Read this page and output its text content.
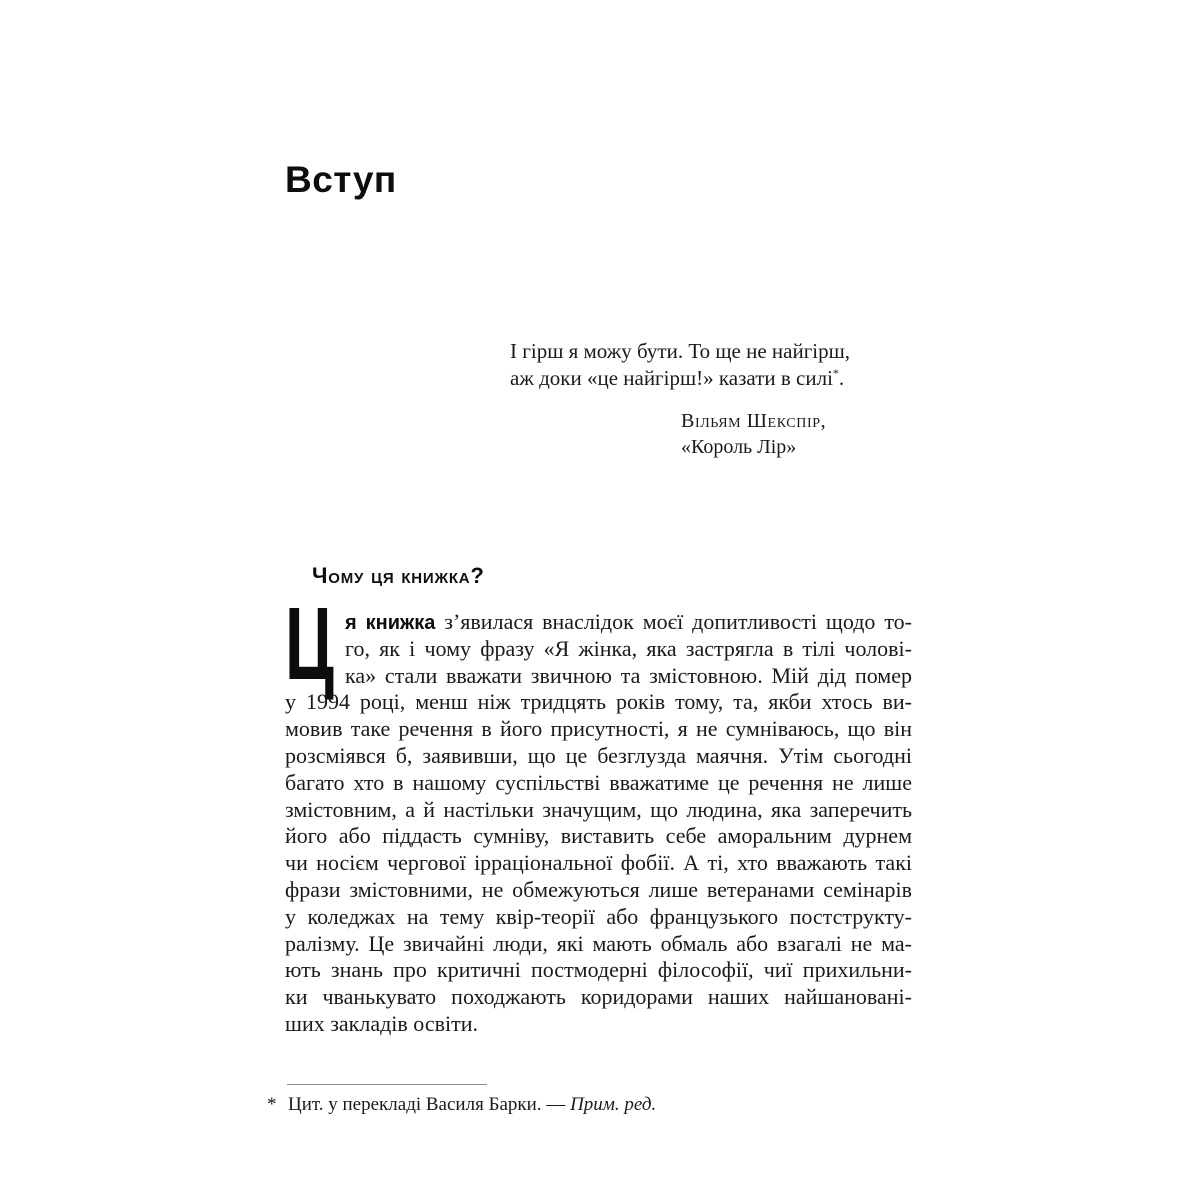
Вступ
І гірш я можу бути. То ще не найгірш,
аж доки «це найгірш!» казати в силі*.
Вільям Шекспір,
«Король Лір»
Чому ця книжка?
Ц я книжка з’явилася внаслідок моєї допитливості щодо то-
го, як і чому фразу «Я жінка, яка застрягла в тілі чолові-
ка» стали вважати звичною та змістовною. Мій дід помер
у 1994 році, менш ніж тридцять років тому, та, якби хтось ви-
мовив таке речення в його присутності, я не сумніваюсь, що він
розсміявся б, заявивши, що це безглузда маячня. Утім сьогодні
багато хто в нашому суспільстві вважатиме це речення не лише
змістовним, а й настільки значущим, що людина, яка заперечить
його або піддасть сумніву, виставить себе аморальним дурнем
чи носієм чергової ірраціональної фобії. А ті, хто вважають такі
фрази змістовними, не обмежуються лише ветеранами семінарів
у коледжах на тему квір-теорії або французького постструкту-
ралізму. Це звичайні люди, які мають обмаль або взагалі не ма-
ють знань про критичні постмодерні філософії, чиї прихильни-
ки чванькувато походжають коридорами наших найшановані-
ших закладів освіти.
* Цит. у перекладі Василя Барки. — Прим. ред.
